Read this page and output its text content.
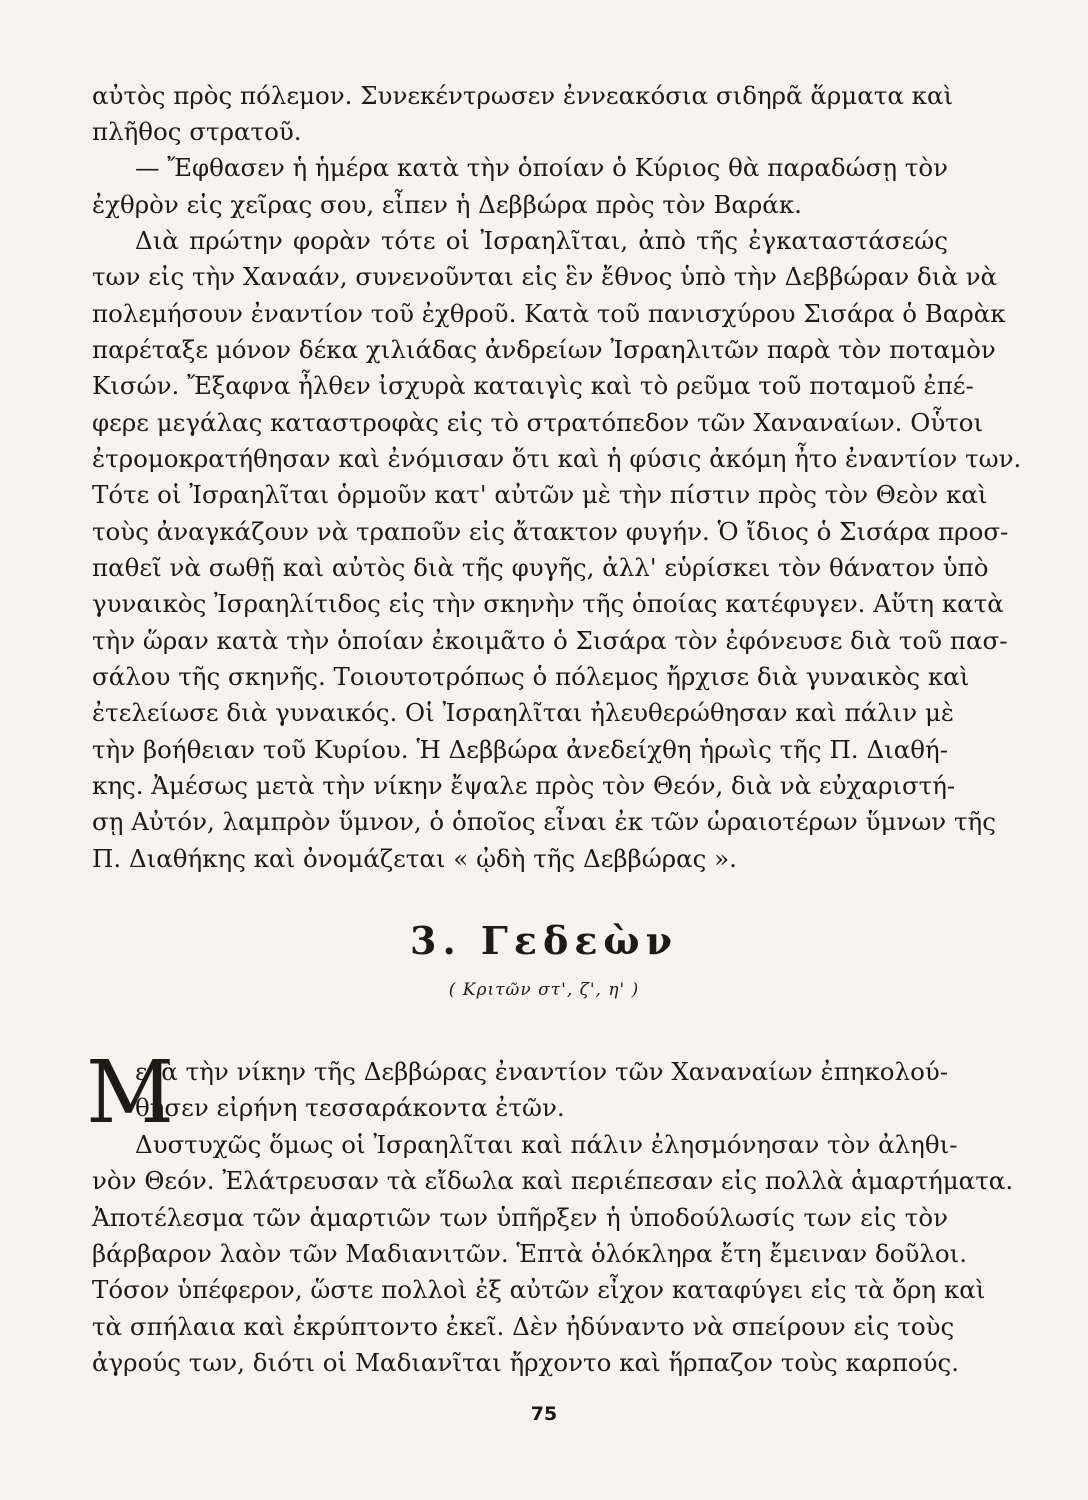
αὐτὸς πρὸς πόλεμον. Συνεκέντρωσεν ἐννεακόσια σιδηρᾶ ἅρματα καὶ
πλῆθος στρατοῦ.
— Ἔφθασεν ἡ ἡμέρα κατὰ τὴν ὁποίαν ὁ Κύριος θὰ παραδώσῃ τὸν
ἐχθρὸν εἰς χεῖρας σου, εἶπεν ἡ Δεββώρα πρὸς τὸν Βαράκ.
Διὰ πρώτην φορὰν τότε οἱ Ἰσραηλῖται, ἀπὸ τῆς ἐγκαταστάσεώς
των εἰς τὴν Χαναάν, συνενοῦνται εἰς ἓν ἔθνος ὑπὸ τὴν Δεββώραν διὰ νὰ
πολεμήσουν ἐναντίον τοῦ ἐχθροῦ. Κατὰ τοῦ πανισχύρου Σισάρα ὁ Βαρὰκ
παρέταξε μόνον δέκα χιλιάδας ἀνδρείων Ἰσραηλιτῶν παρὰ τὸν ποταμὸν
Κισών. Ἔξαφνα ἦλθεν ἰσχυρὰ καταιγὶς καὶ τὸ ρεῦμα τοῦ ποταμοῦ ἐπέ-
φερε μεγάλας καταστροφὰς εἰς τὸ στρατόπεδον τῶν Χαναναίων. Οὗτοι
ἐτρομοκρατήθησαν καὶ ἐνόμισαν ὅτι καὶ ἡ φύσις ἀκόμη ἦτο ἐναντίον των.
Τότε οἱ Ἰσραηλῖται ὁρμοῦν κατ' αὐτῶν μὲ τὴν πίστιν πρὸς τὸν Θεὸν καὶ
τοὺς ἀναγκάζουν νὰ τραποῦν εἰς ἄτακτον φυγήν. Ὁ ἴδιος ὁ Σισάρα προσ-
παθεῖ νὰ σωθῇ καὶ αὐτὸς διὰ τῆς φυγῆς, ἀλλ' εὑρίσκει τὸν θάνατον ὑπὸ
γυναικὸς Ἰσραηλίτιδος εἰς τὴν σκηνὴν τῆς ὁποίας κατέφυγεν. Αὕτη κατὰ
τὴν ὥραν κατὰ τὴν ὁποίαν ἐκοιμᾶτο ὁ Σισάρα τὸν ἐφόνευσε διὰ τοῦ πασ-
σάλου τῆς σκηνῆς. Τοιουτοτρόπως ὁ πόλεμος ἤρχισε διὰ γυναικὸς καὶ
ἐτελείωσε διὰ γυναικός. Οἱ Ἰσραηλῖται ἠλευθερώθησαν καὶ πάλιν μὲ
τὴν βοήθειαν τοῦ Κυρίου. Ἡ Δεββώρα ἀνεδείχθη ἡρωὶς τῆς Π. Διαθή-
κης. Ἀμέσως μετὰ τὴν νίκην ἔψαλε πρὸς τὸν Θεόν, διὰ νὰ εὐχαριστή-
σῃ Αὐτόν, λαμπρὸν ὕμνον, ὁ ὁποῖος εἶναι ἐκ τῶν ὡραιοτέρων ὕμνων τῆς
Π. Διαθήκης καὶ ὀνομάζεται « ᾠδὴ τῆς Δεββώρας ».
3. Γεδεὼν
( Κριτῶν στ', ζ', η' )
Μ
ετὰ τὴν νίκην τῆς Δεββώρας ἐναντίον τῶν Χαναναίων ἐπηκολού-
θησεν εἰρήνη τεσσαράκοντα ἐτῶν.
Δυστυχῶς ὅμως οἱ Ἰσραηλῖται καὶ πάλιν ἐλησμόνησαν τὸν ἀληθι-
νὸν Θεόν. Ἐλάτρευσαν τὰ εἴδωλα καὶ περιέπεσαν εἰς πολλὰ ἁμαρτήματα.
Ἀποτέλεσμα τῶν ἁμαρτιῶν των ὑπῆρξεν ἡ ὑποδούλωσίς των εἰς τὸν
βάρβαρον λαὸν τῶν Μαδιανιτῶν. Ἑπτὰ ὁλόκληρα ἔτη ἔμειναν δοῦλοι.
Τόσον ὑπέφερον, ὥστε πολλοὶ ἐξ αὐτῶν εἶχον καταφύγει εἰς τὰ ὄρη καὶ
τὰ σπήλαια καὶ ἐκρύπτοντο ἐκεῖ. Δὲν ἠδύναντο νὰ σπείρουν εἰς τοὺς
ἀγρούς των, διότι οἱ Μαδιανῖται ἤρχοντο καὶ ἥρπαζον τοὺς καρπούς.
75
